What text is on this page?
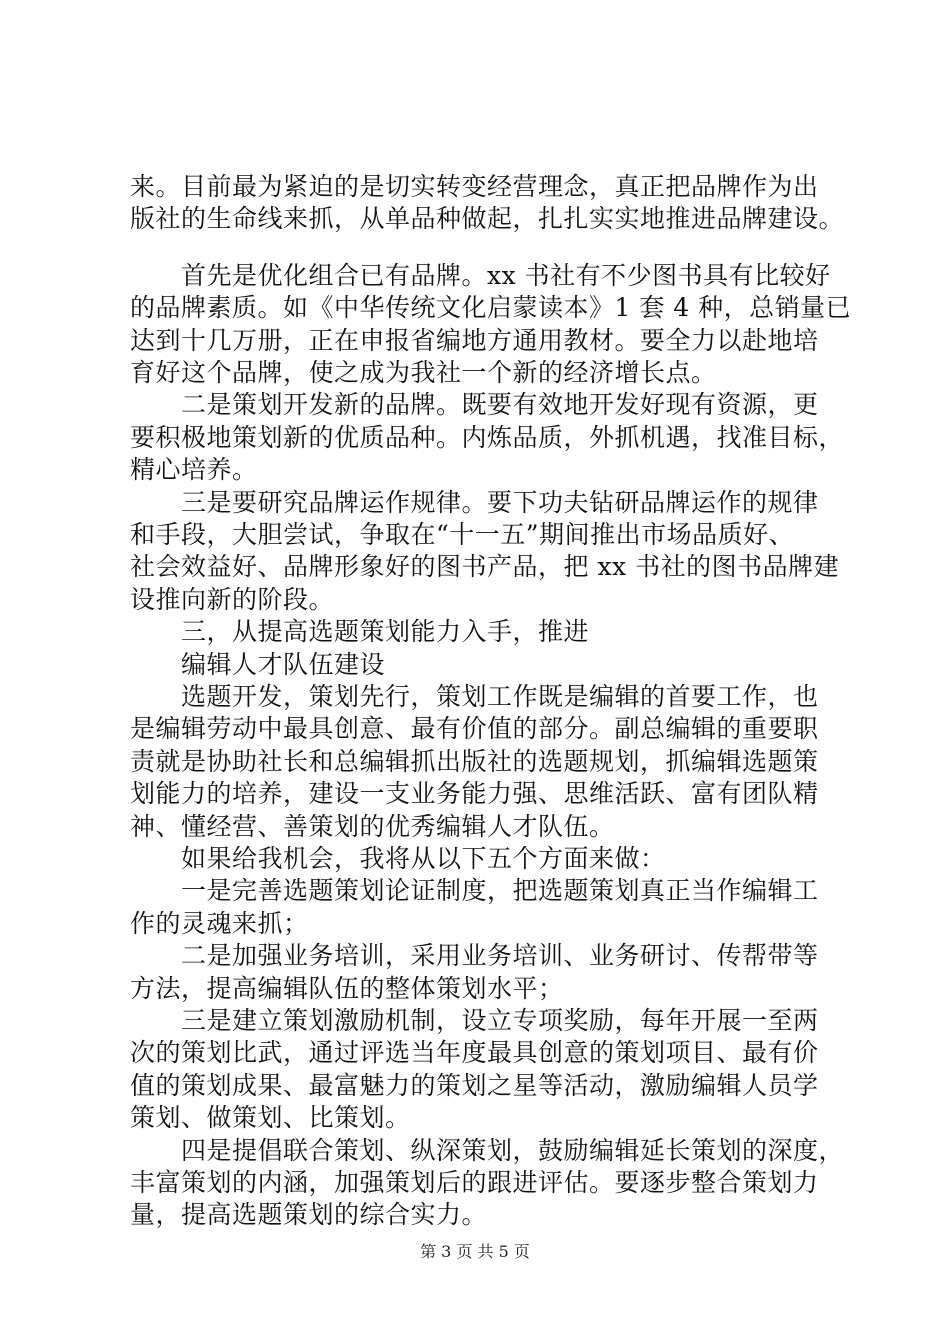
来。目前最为紧迫的是切实转变经营理念，真正把品牌作为出
版社的生命线来抓，从单品种做起，扎扎实实地推进品牌建设。
首先是优化组合已有品牌。xx 书社有不少图书具有比较好
的品牌素质。如《中华传统文化启蒙读本》1 套 4 种，总销量已
达到十几万册，正在申报省编地方通用教材。要全力以赴地培
育好这个品牌，使之成为我社一个新的经济增长点。
二是策划开发新的品牌。既要有效地开发好现有资源，更
要积极地策划新的优质品种。内炼品质，外抓机遇，找准目标，
精心培养。
三是要研究品牌运作规律。要下功夫钻研品牌运作的规律
和手段，大胆尝试，争取在“十一五”期间推出市场品质好、
社会效益好、品牌形象好的图书产品，把 xx 书社的图书品牌建
设推向新的阶段。
三，从提高选题策划能力入手，推进
编辑人才队伍建设
选题开发，策划先行，策划工作既是编辑的首要工作，也
是编辑劳动中最具创意、最有价值的部分。副总编辑的重要职
责就是协助社长和总编辑抓出版社的选题规划，抓编辑选题策
划能力的培养，建设一支业务能力强、思维活跃、富有团队精
神、懂经营、善策划的优秀编辑人才队伍。
如果给我机会，我将从以下五个方面来做：
一是完善选题策划论证制度，把选题策划真正当作编辑工
作的灵魂来抓；
二是加强业务培训，采用业务培训、业务研讨、传帮带等
方法，提高编辑队伍的整体策划水平；
三是建立策划激励机制，设立专项奖励，每年开展一至两
次的策划比武，通过评选当年度最具创意的策划项目、最有价
值的策划成果、最富魅力的策划之星等活动，激励编辑人员学
策划、做策划、比策划。
四是提倡联合策划、纵深策划，鼓励编辑延长策划的深度，
丰富策划的内涵，加强策划后的跟进评估。要逐步整合策划力
量，提高选题策划的综合实力。
第 3 页 共 5 页
